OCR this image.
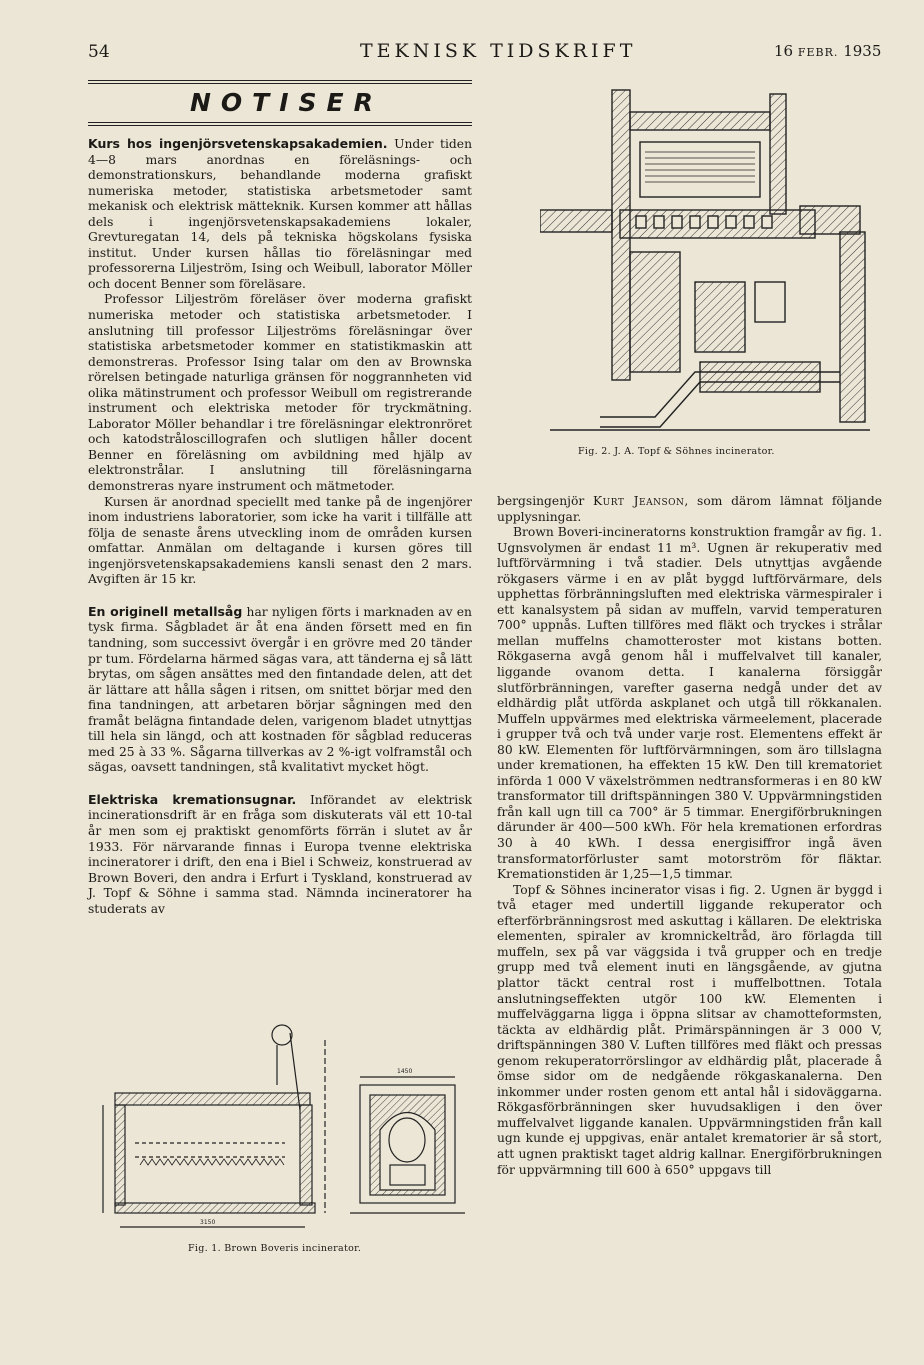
54	TEKNISK TIDSKRIFT	16 FEBR. 1935
NOTISER

Kurs hos ingenjörsvetenskapsakademien. Under tiden 4—8 mars anordnas en föreläsnings- och demonstrationskurs, behandlande moderna grafiskt numeriska metoder, statistiska arbetsmetoder samt mekanisk och elektrisk mätteknik. Kursen kommer att hållas dels i ingenjörsvetenskapsakademiens lokaler, Grevturegatan 14, dels på tekniska högskolans fysiska institut. Under kursen hållas tio föreläsningar med professorerna Liljeström, Ising och Weibull, laborator Möller och docent Benner som föreläsare.

Professor Liljeström föreläser över moderna grafiskt numeriska metoder och statistiska arbetsmetoder. I anslutning till professor Liljeströms föreläsningar över statistiska arbetsmetoder kommer en statistikmaskin att demonstreras. Professor Ising talar om den av Brownska rörelsen betingade naturliga gränsen för noggrannheten vid olika mätinstrument och professor Weibull om registrerande instrument och elektriska metoder för tryckmätning. Laborator Möller behandlar i tre föreläsningar elektronröret och katodstråloscillografen och slutligen håller docent Benner en föreläsning om avbildning med hjälp av elektronstrålar. I anslutning till föreläsningarna demonstreras nyare instrument och mätmetoder.

Kursen är anordnad speciellt med tanke på de ingenjörer inom industriens laboratorier, som icke ha varit i tillfälle att följa de senaste årens utveckling inom de områden kursen omfattar. Anmälan om deltagande i kursen göres till ingenjörsvetenskapsakademiens kansli senast den 2 mars. Avgiften är 15 kr.

En originell metallsåg har nyligen förts i marknaden av en tysk firma. Sågbladet är åt ena änden försett med en fin tandning, som successivt övergår i en grövre med 20 tänder pr tum. Fördelarna härmed sägas vara, att tänderna ej så lätt brytas, om sågen ansättes med den fintandade delen, att det är lättare att hålla sågen i ritsen, om snittet börjar med den fina tandningen, att arbetaren börjar sågningen med den framåt belägna fintandade delen, varigenom bladet utnyttjas till hela sin längd, och att kostnaden för sågblad reduceras med 25 à 33 %. Sågarna tillverkas av 2 %-igt volframstål och sägas, oavsett tandningen, stå kvalitativt mycket högt.

Elektriska kremationsugnar. Införandet av elektrisk incinerationsdrift är en fråga som diskuterats väl ett 10-tal år men som ej praktiskt genomförts förrän i slutet av år 1933. För närvarande finnas i Europa tvenne elektriska incineratorer i drift, den ena i Biel i Schweiz, konstruerad av Brown Boveri, den andra i Erfurt i Tyskland, konstruerad av J. Topf & Söhne i samma stad. Nämnda incineratorer ha studerats av

bergsingenjör Kurt Jeanson, som därom lämnat följande upplysningar.

Brown Boveri-incineratorns konstruktion framgår av fig. 1. Ugnsvolymen är endast 11 m³. Ugnen är rekuperativ med luftförvärmning i två stadier. Dels utnyttjas avgående rökgasers värme i en av plåt byggd luftförvärmare, dels upphettas förbränningsluften med elektriska värmespiraler i ett kanalsystem på sidan av muffeln, varvid temperaturen 700° uppnås. Luften tillföres med fläkt och tryckes i strålar mellan muffelns chamotteroster mot kistans botten. Rökgaserna avgå genom hål i muffelvalvet till kanaler, liggande ovanom detta. I kanalerna försiggår slutförbränningen, varefter gaserna nedgå under det av eldhärdig plåt utförda askplanet och utgå till rökkanalen. Muffeln uppvärmes med elektriska värmeelement, placerade i grupper två och två under varje rost. Elementens effekt är 80 kW. Elementen för luftförvärmningen, som äro tillslagna under kremationen, ha effekten 15 kW. Den till krematoriet införda 1 000 V växelströmmen nedtransformeras i en 80 kW transformator till driftspänningen 380 V. Uppvärmningstiden från kall ugn till ca 700° är 5 timmar. Energiförbrukningen därunder är 400—500 kWh. För hela kremationen erfordras 30 à 40 kWh. I dessa energisiffror ingå även transformatorförluster samt motorström för fläktar. Kremationstiden är 1,25—1,5 timmar.

Topf & Söhnes incinerator visas i fig. 2. Ugnen är byggd i två etager med undertill liggande rekuperator och efterförbränningsrost med askuttag i källaren. De elektriska elementen, spiraler av kromnickeltråd, äro förlagda till muffeln, sex på var väggsida i två grupper och en tredje grupp med två element inuti en längsgående, av gjutna plattor täckt central rost i muffelbottnen. Totala anslutningseffekten utgör 100 kW. Elementen i muffelväggarna ligga i öppna slitsar av chamotteformsten, täckta av eldhärdig plåt. Primärspänningen är 3 000 V, driftspänningen 380 V. Luften tillföres med fläkt och pressas genom rekuperatorrörslingor av eldhärdig plåt, placerade å ömse sidor om de nedgående rökgaskanalerna. Den inkommer under rosten genom ett antal hål i sidoväggarna. Rökgasförbränningen sker huvudsakligen i den över muffelvalvet liggande kanalen. Uppvärmningstiden från kall ugn kunde ej uppgivas, enär antalet krematorier är så stort, att ugnen praktiskt taget aldrig kallnar. Energiförbrukningen för uppvärmning till 600 à 650° uppgavs till

Fig. 2. J. A. Topf & Söhnes incinerator.
1450
3150
Fig. 1. Brown Boveris incinerator.
